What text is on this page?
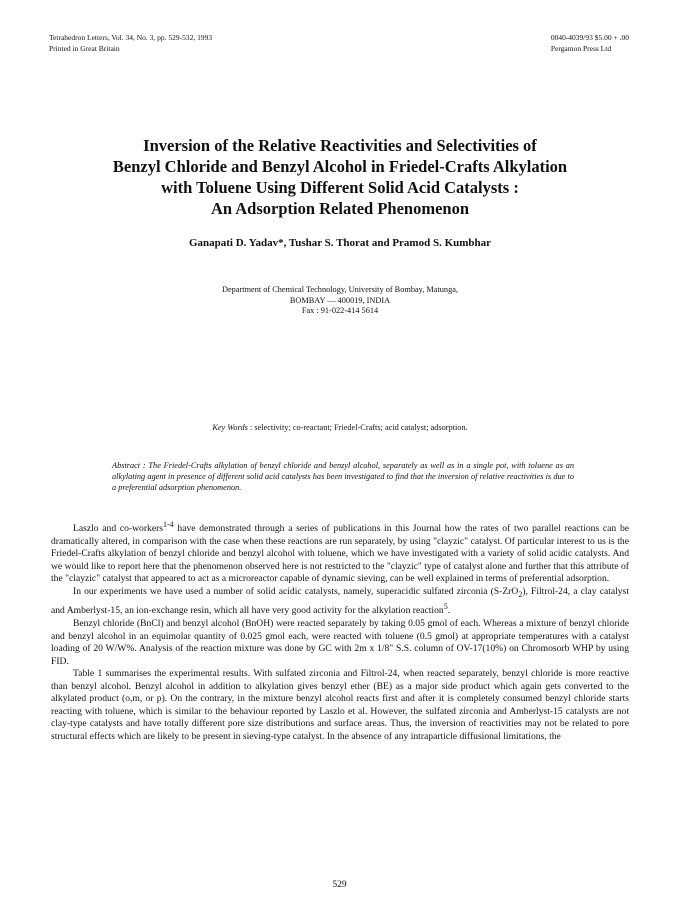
Tetrahedron Letters, Vol. 34, No. 3, pp. 529-532, 1993
Printed in Great Britain
0040-4039/93 $5.00 + .00
Pergamon Press Ltd
Inversion of the Relative Reactivities and Selectivities of
Benzyl Chloride and Benzyl Alcohol in Friedel-Crafts Alkylation
with Toluene Using Different Solid Acid Catalysts :
An Adsorption Related Phenomenon
Ganapati D. Yadav*, Tushar S. Thorat and Pramod S. Kumbhar
Department of Chemical Technology, University of Bombay, Matunga,
BOMBAY — 400019, INDIA
Fax : 91-022-414 5614
Key Words : selectivity; co-reactant; Friedel-Crafts; acid catalyst; adsorption.
Abstract : The Friedel-Crafts alkylation of benzyl chloride and benzyl alcohol, separately as well as in a single pot, with toluene as an alkylating agent in presence of different solid acid catalysts has been investigated to find that the inversion of relative reactivities is due to a preferential adsorption phenomenon.

Laszlo and co-workers$^{1-4}$ have demonstrated through a series of publications in this Journal how the rates of two parallel reactions can be dramatically altered, in comparison with the case when these reactions are run separately, by using "clayzic" catalyst. Of particular interest to us is the Friedel-Crafts alkylation of benzyl chloride and benzyl alcohol with toluene, which we have investigated with a variety of solid acidic catalysts. And we would like to report here that the phenomenon observed here is not restricted to the "clayzic" type of catalyst alone and further that this attribute of the "clayzic" catalyst that appeared to act as a microreactor capable of dynamic sieving, can be well explained in terms of preferential adsorption.

In our experiments we have used a number of solid acidic catalysts, namely, superacidic sulfated zirconia (S-ZrO$_2$), Filtrol-24, a clay catalyst and Amberlyst-15, an ion-exchange resin, which all have very good activity for the alkylation reaction$^5$.

Benzyl chloride (BnCl) and benzyl alcohol (BnOH) were reacted separately by taking 0.05 gmol of each. Whereas a mixture of benzyl chloride and benzyl alcohol in an equimolar quantity of 0.025 gmol each, were reacted with toluene (0.5 gmol) at appropriate temperatures with a catalyst loading of 20 W/W%. Analysis of the reaction mixture was done by GC with 2m x 1/8" S.S. column of OV-17(10%) on Chromosorb WHP by using FID.

Table 1 summarises the experimental results. With sulfated zirconia and Filtrol-24, when reacted separately, benzyl chloride is more reactive than benzyl alcohol. Benzyl alcohol in addition to alkylation gives benzyl ether (BE) as a major side product which again gets converted to the alkylated product (o,m, or p). On the contrary, in the mixture benzyl alcohol reacts first and after it is completely consumed benzyl chloride starts reacting with toluene, which is similar to the behaviour reported by Laszlo et al. However, the sulfated zirconia and Amberlyst-15 catalysts are not clay-type catalysts and have totally different pore size distributions and surface areas. Thus, the inversion of reactivities may not be related to pore structural effects which are likely to be present in sieving-type catalyst. In the absence of any intraparticle diffusional limitations, the

529
